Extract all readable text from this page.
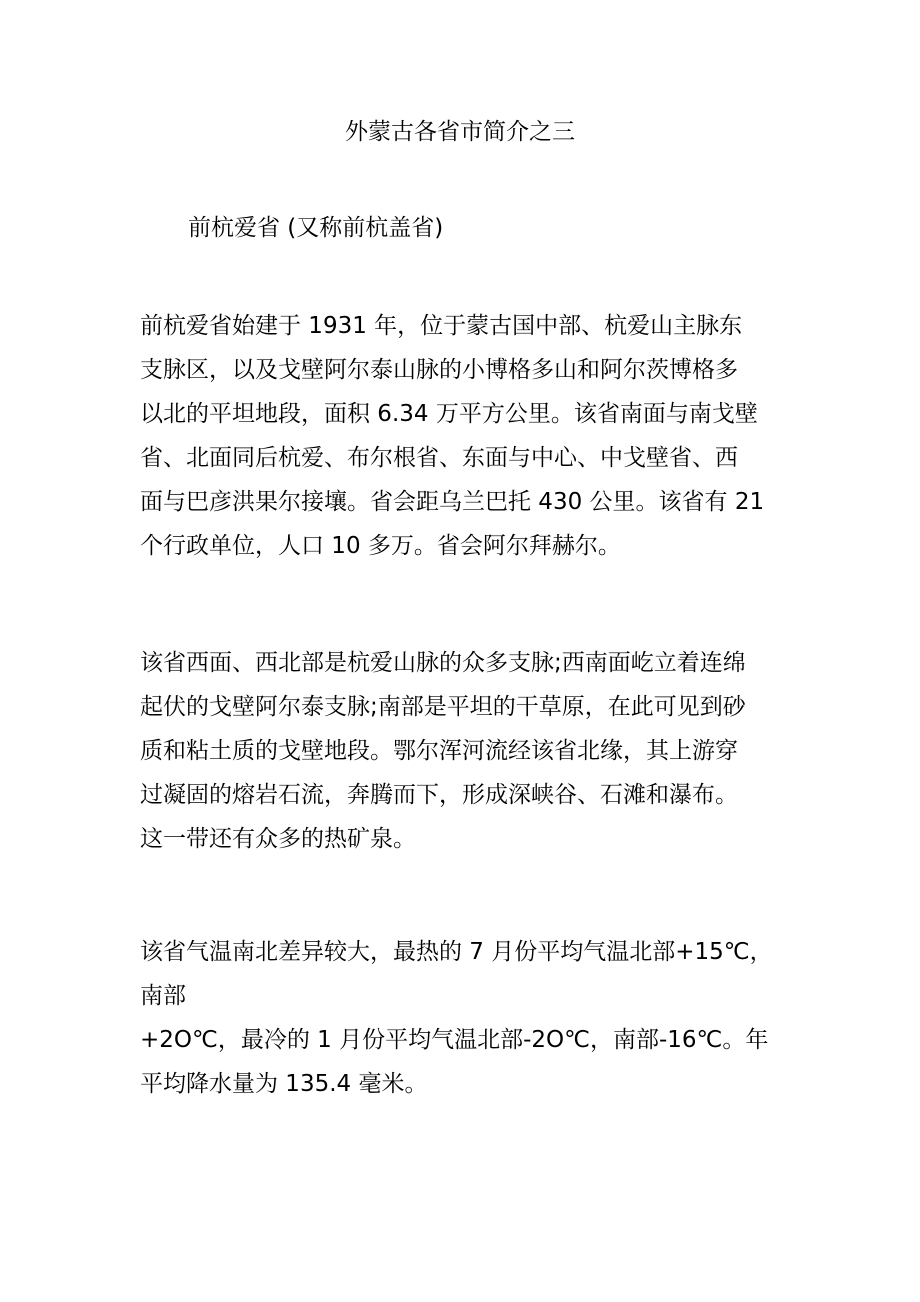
外蒙古各省市简介之三
前杭爱省 (又称前杭盖省)
前杭爱省始建于 1931 年，位于蒙古国中部、杭爱山主脉东
支脉区，以及戈壁阿尔泰山脉的小博格多山和阿尔茨博格多
以北的平坦地段，面积 6.34 万平方公里。该省南面与南戈壁
省、北面同后杭爱、布尔根省、东面与中心、中戈壁省、西
面与巴彦洪果尔接壤。省会距乌兰巴托 430 公里。该省有 21
个行政单位，人口 10 多万。省会阿尔拜赫尔。
该省西面、西北部是杭爱山脉的众多支脉;西南面屹立着连绵
起伏的戈壁阿尔泰支脉;南部是平坦的干草原，在此可见到砂
质和粘土质的戈壁地段。鄂尔浑河流经该省北缘，其上游穿
过凝固的熔岩石流，奔腾而下，形成深峡谷、石滩和瀑布。
这一带还有众多的热矿泉。
该省气温南北差异较大，最热的 7 月份平均气温北部+15℃，
南部
+2O℃，最冷的 1 月份平均气温北部-2O℃，南部-16℃。年
平均降水量为 135.4 毫米。
